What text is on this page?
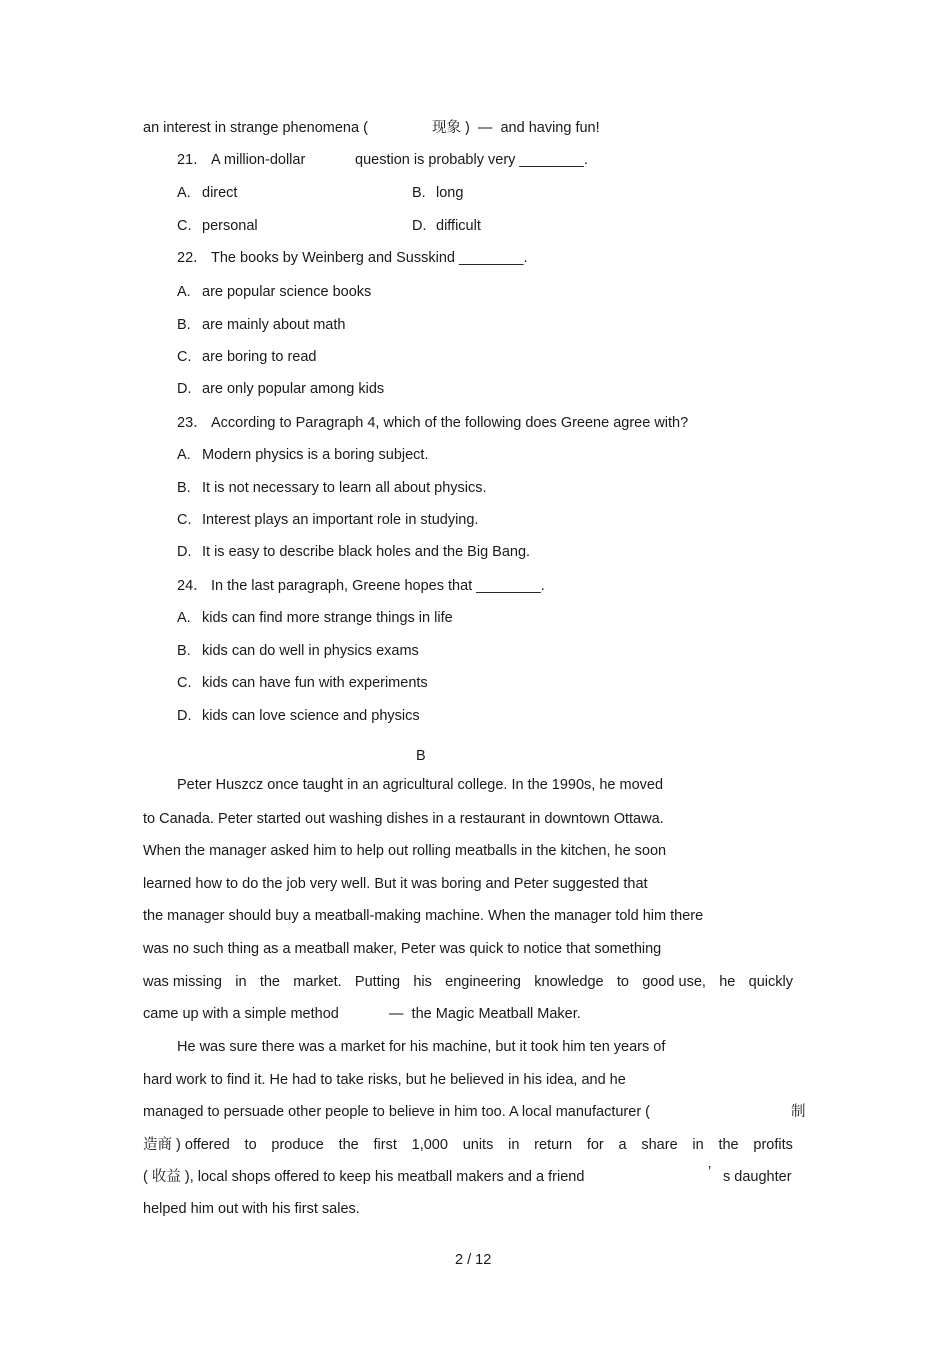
an interest in strange phenomena (	现象 )  —  and having fun!
21． A million-dollar	question is probably very ________.
A. direct	B. long
C. personal	D. difficult
22． The books by Weinberg and Susskind ________.
A. are popular science books
B. are mainly about math
C. are boring to read
D. are only popular among kids
23． According to Paragraph 4, which of the following does Greene agree with?
A. Modern physics is a boring subject.
B. It is not necessary to learn all about physics.
C. Interest plays an important role in studying.
D. It is easy to describe black holes and the Big Bang.
24． In the last paragraph, Greene hopes that ________.
A. kids can find more strange things in life
B. kids can do well in physics exams
C. kids can have fun with experiments
D. kids can love science and physics
B
Peter Huszcz once taught in an agricultural college. In the 1990s, he moved
to Canada. Peter started out washing dishes in a restaurant in downtown Ottawa.
When the manager asked him to help out rolling meatballs in the kitchen, he soon
learned how to do the job very well. But it was boring and Peter suggested that
the manager should buy a meatball-making machine. When the manager told him there
was no such thing as a meatball maker, Peter was quick to notice that something
was missing in the market. Putting his engineering knowledge to good use, he quickly
came up with a simple method	—  the Magic Meatball Maker.
He was sure there was a market for his machine, but it took him ten years of
hard work to find it. He had to take risks, but he believed in his idea, and he
managed to persuade other people to believe in him too. A local manufacturer (	制
造商 ) offered to produce the first 1,000 units in return for a share in the profits
( 收益 ), local shops offered to keep his meatball makers and a friend	’ s daughter
helped him out with his first sales.
2 / 12
